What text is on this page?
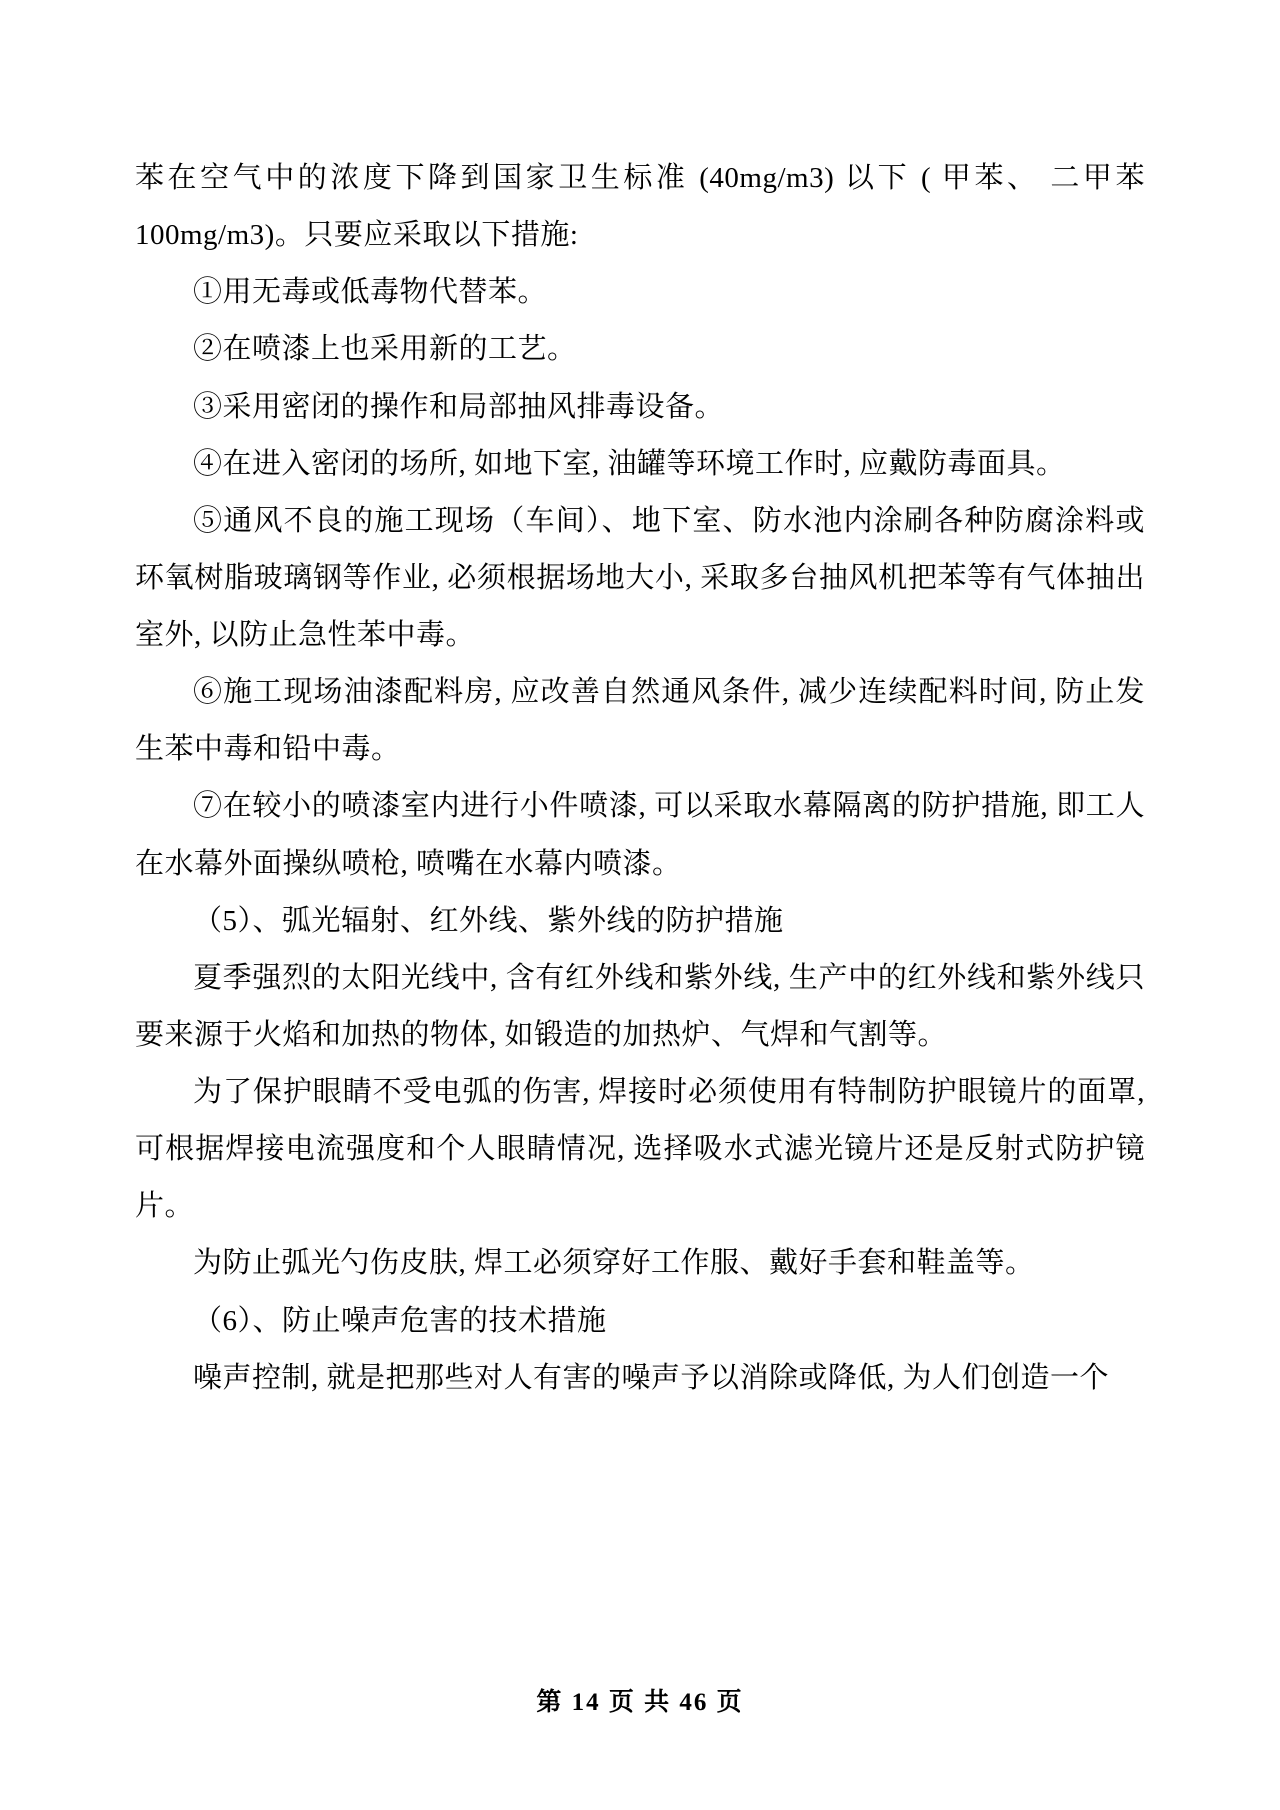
苯在空气中的浓度下降到国家卫生标准 (40mg/m3) 以下 ( 甲苯、 二甲苯 100mg/m3)。只要应采取以下措施:

①用无毒或低毒物代替苯。

②在喷漆上也采用新的工艺。

③采用密闭的操作和局部抽风排毒设备。

④在进入密闭的场所, 如地下室, 油罐等环境工作时, 应戴防毒面具。

⑤通风不良的施工现场（车间）、地下室、防水池内涂刷各种防腐涂料或环氧树脂玻璃钢等作业, 必须根据场地大小, 采取多台抽风机把苯等有气体抽出室外, 以防止急性苯中毒。

⑥施工现场油漆配料房, 应改善自然通风条件, 减少连续配料时间, 防止发生苯中毒和铅中毒。

⑦在较小的喷漆室内进行小件喷漆, 可以采取水幕隔离的防护措施, 即工人在水幕外面操纵喷枪, 喷嘴在水幕内喷漆。

（5）、弧光辐射、红外线、紫外线的防护措施

夏季强烈的太阳光线中, 含有红外线和紫外线, 生产中的红外线和紫外线只要来源于火焰和加热的物体, 如锻造的加热炉、气焊和气割等。

为了保护眼睛不受电弧的伤害, 焊接时必须使用有特制防护眼镜片的面罩, 可根据焊接电流强度和个人眼睛情况, 选择吸水式滤光镜片还是反射式防护镜片。

为防止弧光勺伤皮肤, 焊工必须穿好工作服、戴好手套和鞋盖等。

（6）、防止噪声危害的技术措施

噪声控制, 就是把那些对人有害的噪声予以消除或降低, 为人们创造一个

第 14 页 共 46 页
